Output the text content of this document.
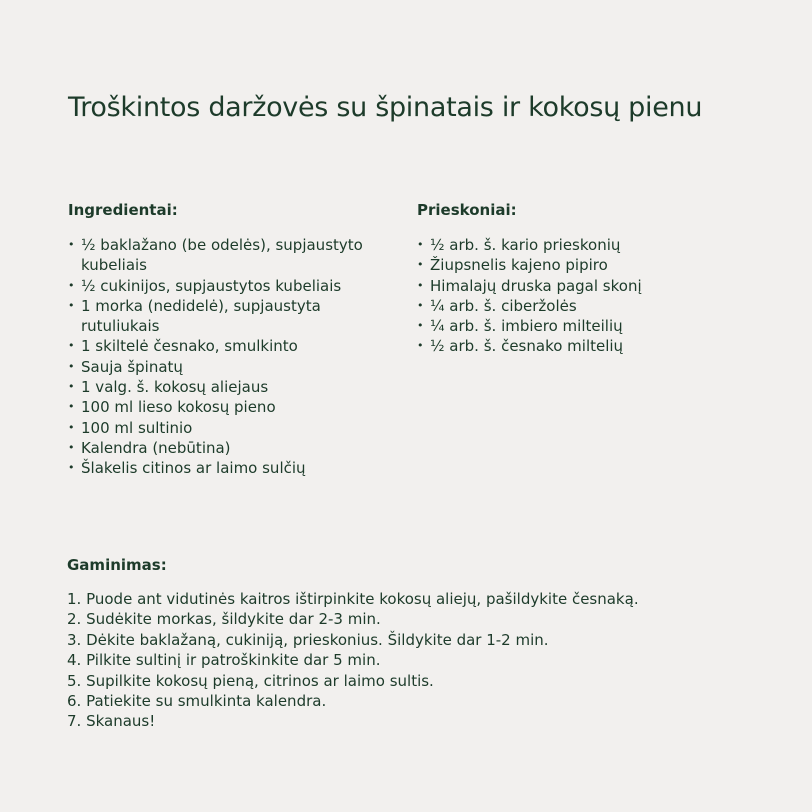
Troškintos daržovės su špinatais ir kokosų pienu
Ingredientai:
• ½ baklažano (be odelės), supjaustyto kubeliais
• ½ cukinijos, supjaustytos kubeliais
• 1 morka (nedidelė), supjaustyta rutuliukais
• 1 skiltelė česnako, smulkinto
• Sauja špinatų
• 1 valg. š. kokosų aliejaus
• 100 ml lieso kokosų pieno
• 100 ml sultinio
• Kalendra (nebūtina)
• Šlakelis citinos ar laimo sulčių
Prieskoniai:
• ½ arb. š. kario prieskonių
• Žiupsnelis kajeno pipiro
• Himalajų druska pagal skonį
• ¼ arb. š. ciberžolės
• ¼ arb. š. imbiero milteilių
• ½ arb. š. česnako miltelių
Gaminimas:
1. Puode ant vidutinės kaitros ištirpinkite kokosų aliejų, pašildykite česnaką.
2. Sudėkite morkas, šildykite dar 2-3 min.
3. Dėkite baklažaną, cukiniją, prieskonius. Šildykite dar 1-2 min.
4. Pilkite sultinį ir patroškinkite dar 5 min.
5. Supilkite kokosų pieną, citrinos ar laimo sultis.
6. Patiekite su smulkinta kalendra.
7. Skanaus!
